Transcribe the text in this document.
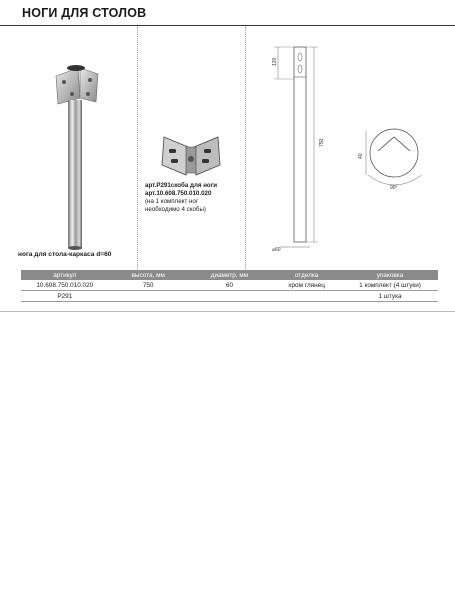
НОГИ ДЛЯ СТОЛОВ
нога для стола-каркаса d=60
арт.P291скоба для ноги
арт.10.608.750.010.020
(на 1 комплект ног
необходимо 4 скобы)
120
750
⌀60
40
90°
артикул	высота, мм	диаметр, мм	отделка	упаковка
10.608.750.010.020	750	60	хром глянец	1 комплект (4 штуки)
P291				1 штука
